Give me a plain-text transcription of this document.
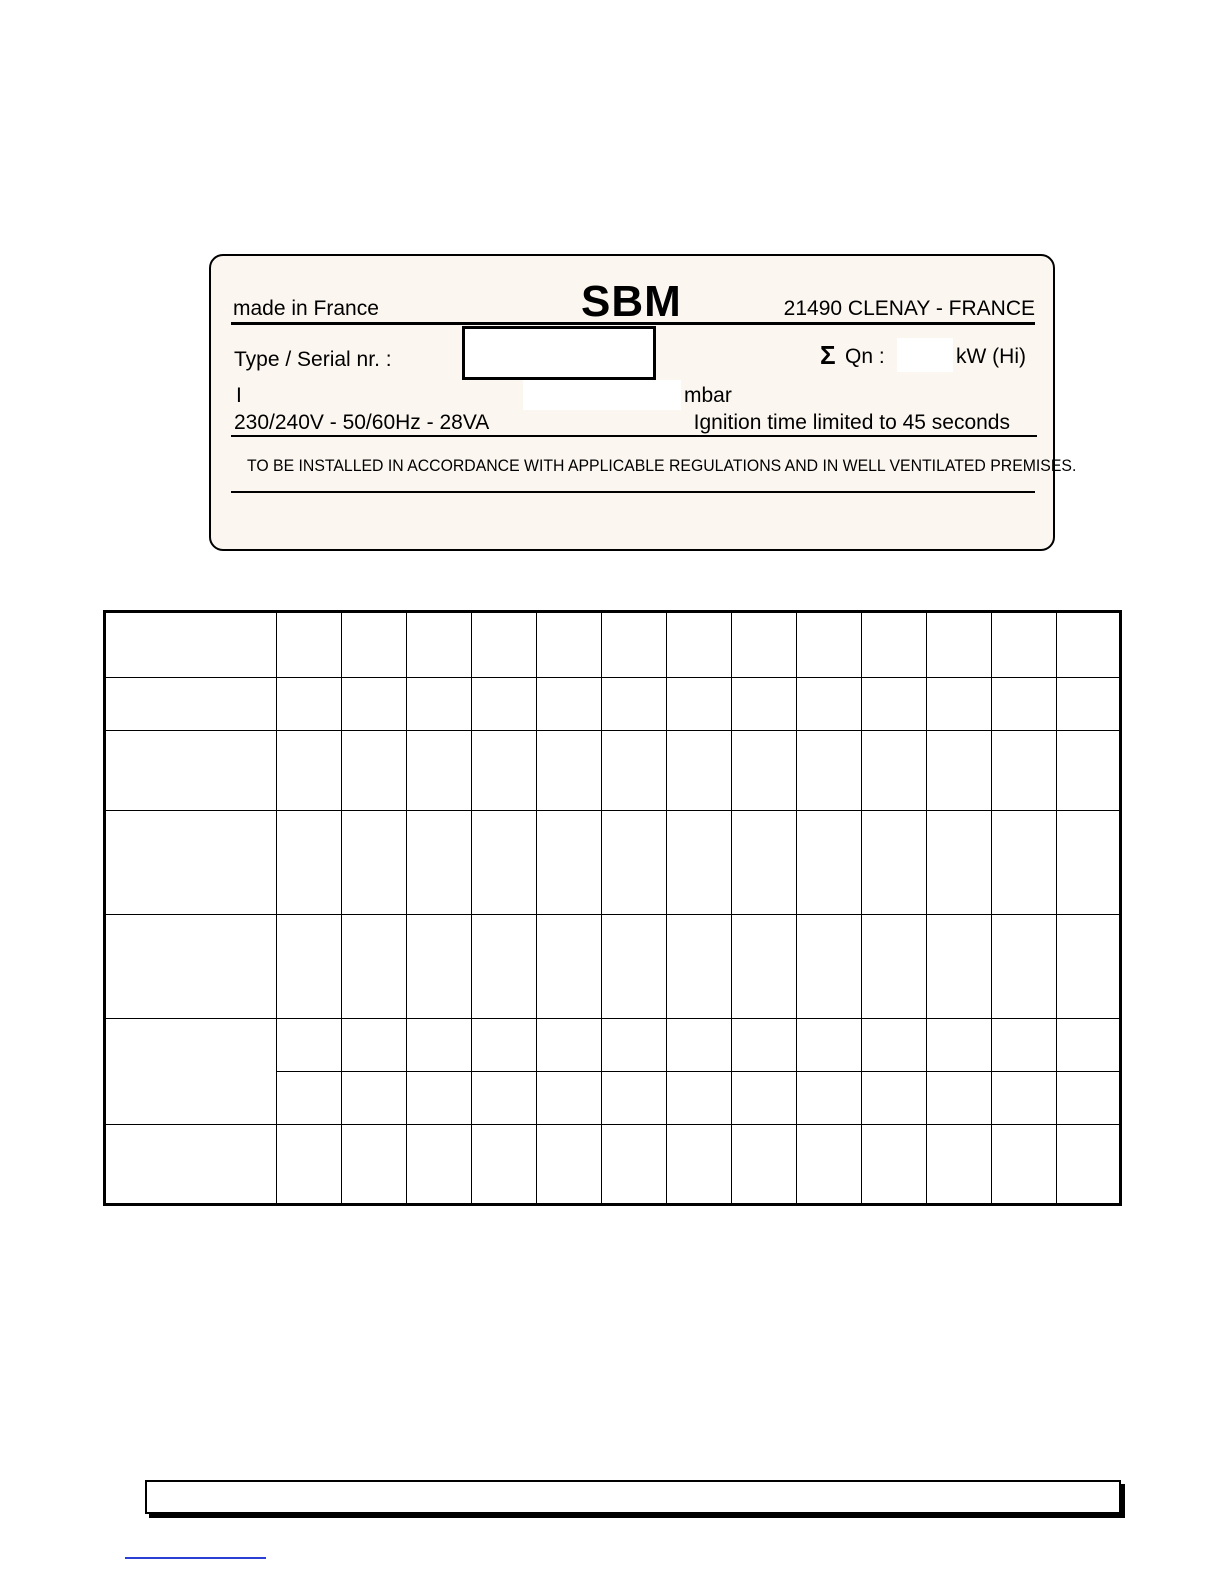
made in France	SBM	21490 CLENAY - FRANCE
Type / Serial nr. :	Σ Qn :	kW (Hi)
I	mbar
230/240V - 50/60Hz - 28VA	Ignition time limited to 45 seconds
TO BE INSTALLED IN ACCORDANCE WITH APPLICABLE REGULATIONS AND IN WELL VENTILATED PREMISES.
